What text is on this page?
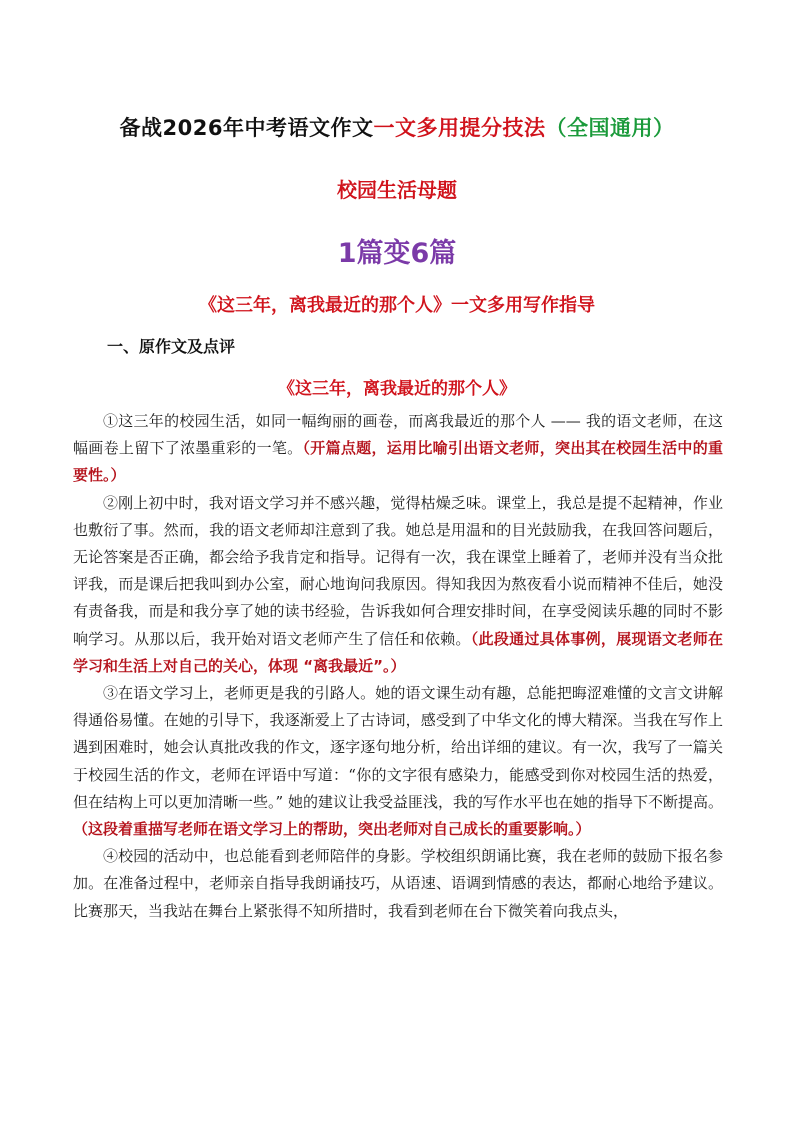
备战2026年中考语文作文一文多用提分技法（全国通用）
校园生活母题
1篇变6篇
《这三年，离我最近的那个人》一文多用写作指导
一、原作文及点评
《这三年，离我最近的那个人》

①这三年的校园生活，如同一幅绚丽的画卷，而离我最近的那个人 —— 我的语文老师，在这幅画卷上留下了浓墨重彩的一笔。（开篇点题，运用比喻引出语文老师，突出其在校园生活中的重要性。）

②刚上初中时，我对语文学习并不感兴趣，觉得枯燥乏味。课堂上，我总是提不起精神，作业也敷衍了事。然而，我的语文老师却注意到了我。她总是用温和的目光鼓励我，在我回答问题后，无论答案是否正确，都会给予我肯定和指导。记得有一次，我在课堂上睡着了，老师并没有当众批评我，而是课后把我叫到办公室，耐心地询问我原因。得知我因为熬夜看小说而精神不佳后，她没有责备我，而是和我分享了她的读书经验，告诉我如何合理安排时间，在享受阅读乐趣的同时不影响学习。从那以后，我开始对语文老师产生了信任和依赖。（此段通过具体事例，展现语文老师在学习和生活上对自己的关心，体现 “离我最近”。）

③在语文学习上，老师更是我的引路人。她的语文课生动有趣，总能把晦涩难懂的文言文讲解得通俗易懂。在她的引导下，我逐渐爱上了古诗词，感受到了中华文化的博大精深。当我在写作上遇到困难时，她会认真批改我的作文，逐字逐句地分析，给出详细的建议。有一次，我写了一篇关于校园生活的作文，老师在评语中写道：“你的文字很有感染力，能感受到你对校园生活的热爱，但在结构上可以更加清晰一些。” 她的建议让我受益匪浅，我的写作水平也在她的指导下不断提高。（这段着重描写老师在语文学习上的帮助，突出老师对自己成长的重要影响。）

④校园的活动中，也总能看到老师陪伴的身影。学校组织朗诵比赛，我在老师的鼓励下报名参加。在准备过程中，老师亲自指导我朗诵技巧，从语速、语调到情感的表达，都耐心地给予建议。比赛那天，当我站在舞台上紧张得不知所措时，我看到老师在台下微笑着向我点头，
